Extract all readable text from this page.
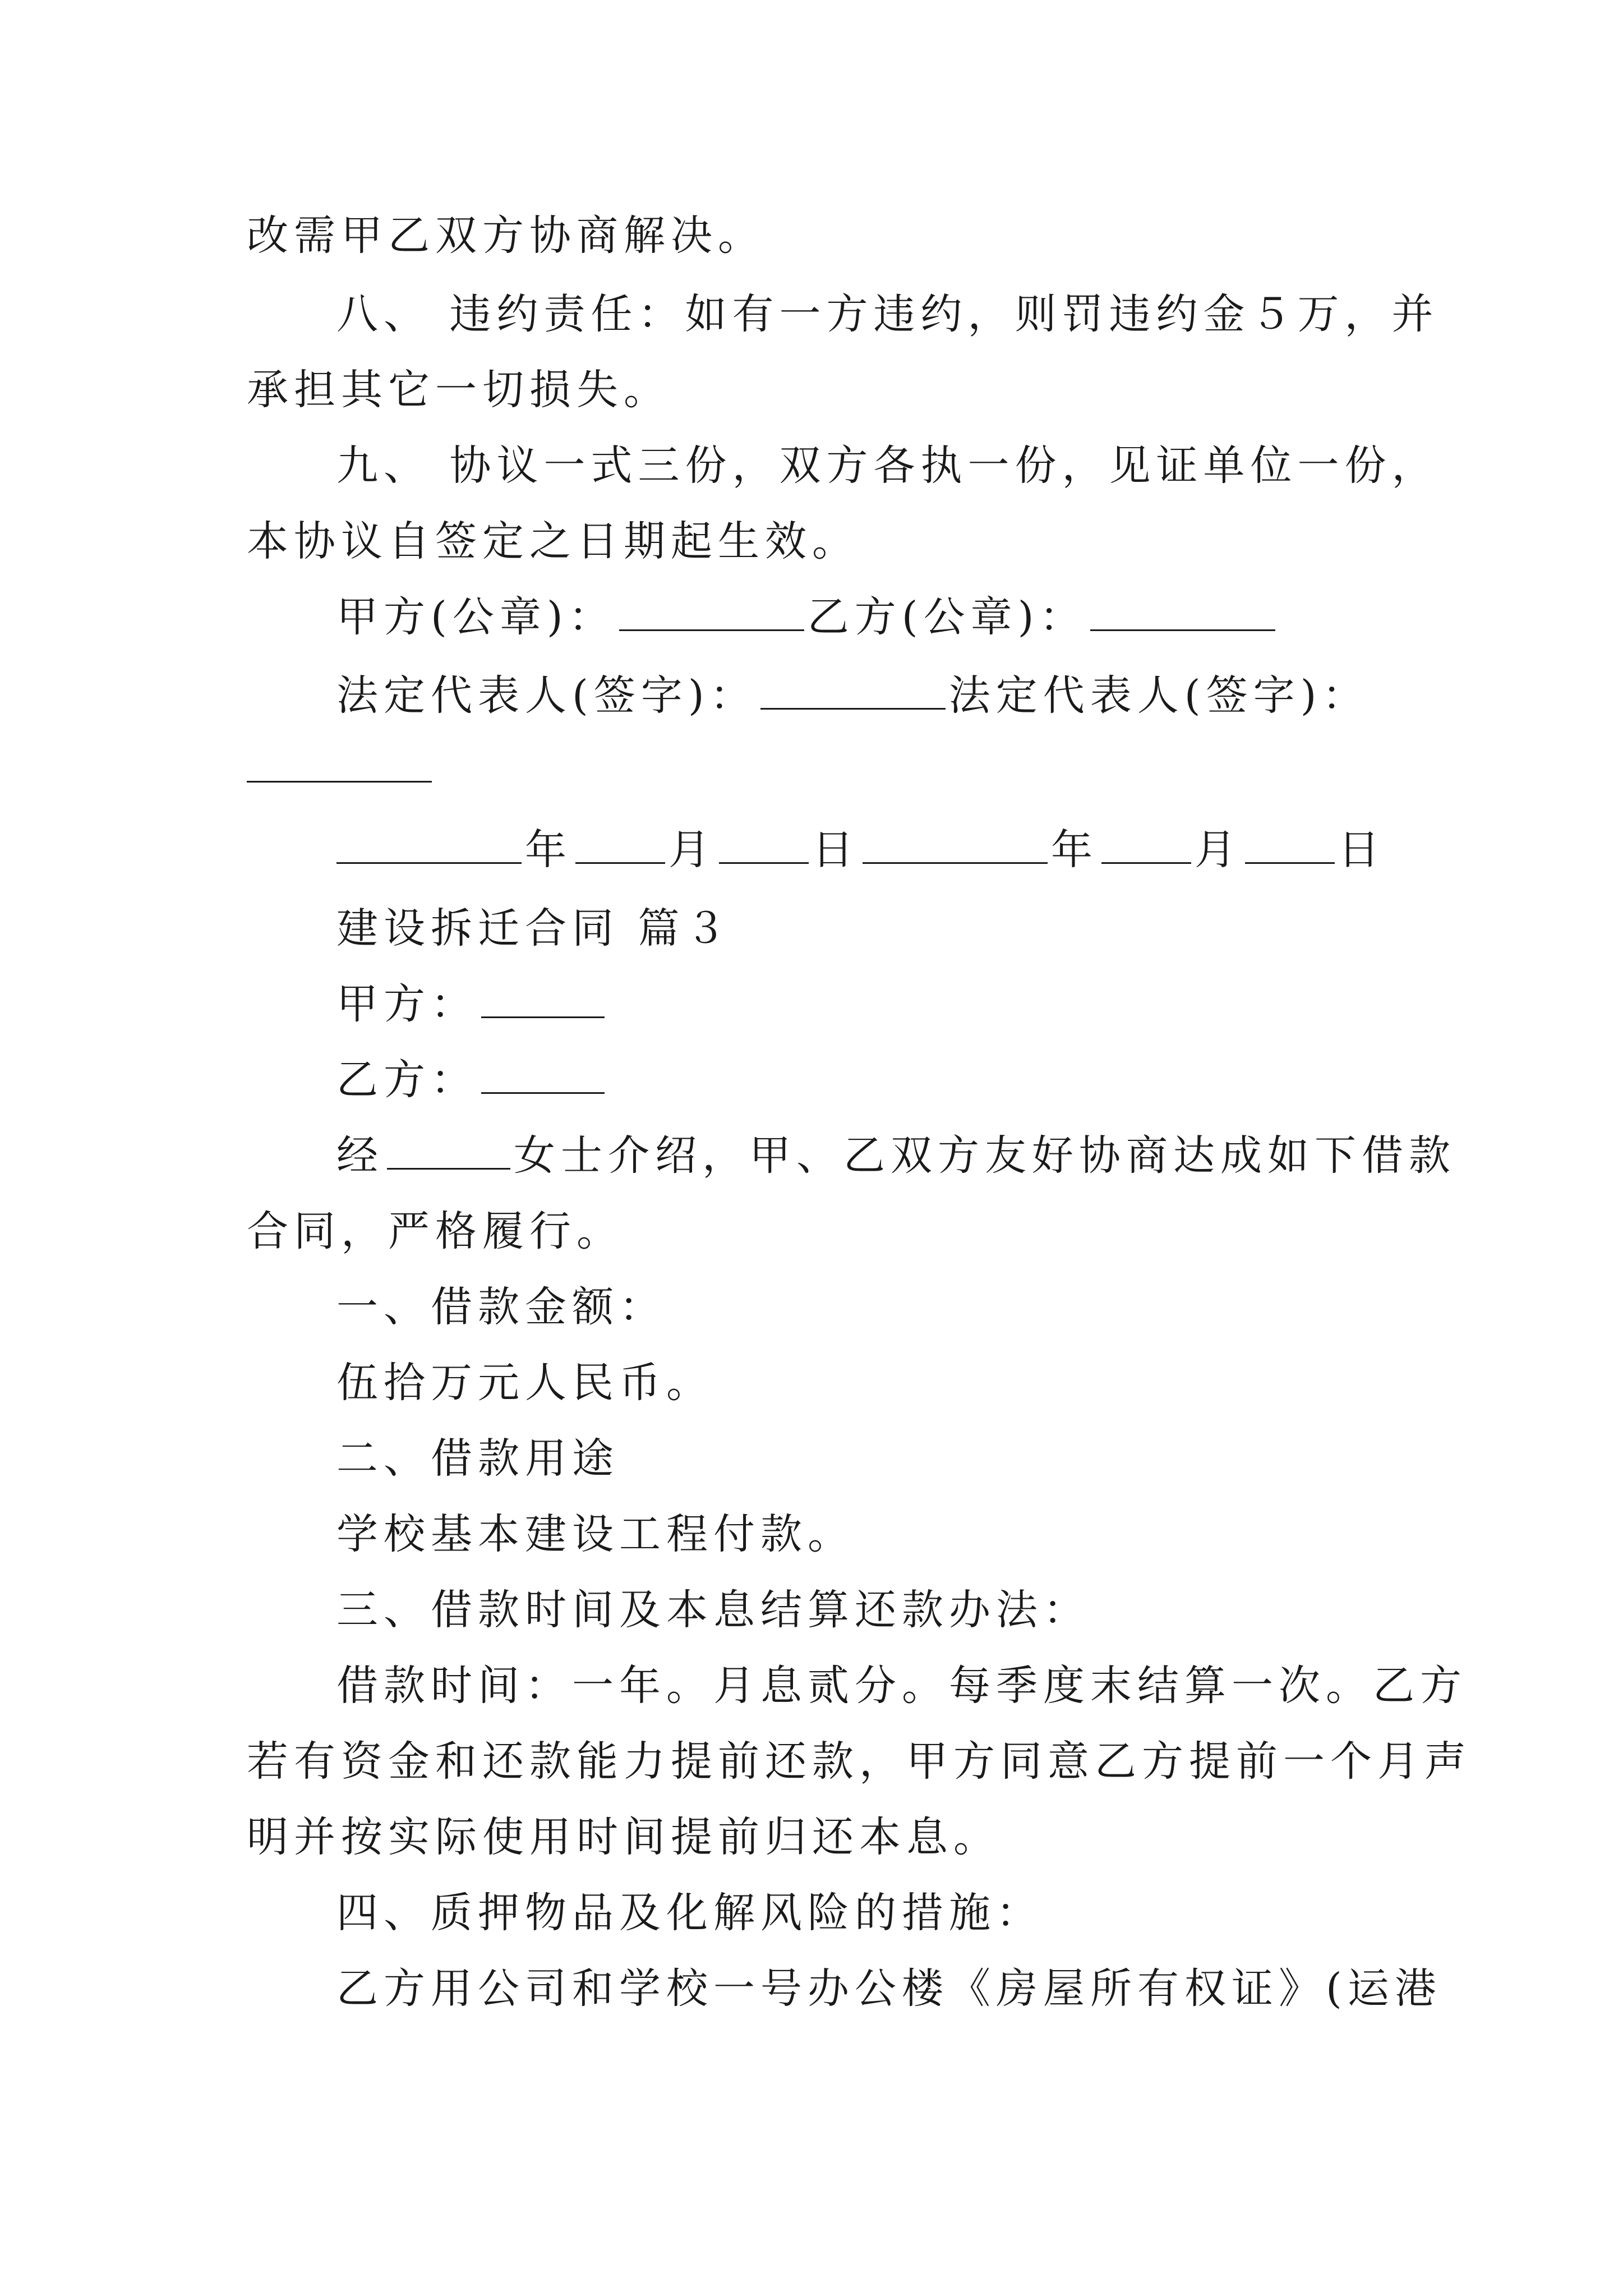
改需甲乙双方协商解决。
八、 违约责任：如有一方违约，则罚违约金５万，并
承担其它一切损失。
九、 协议一式三份，双方各执一份，见证单位一份，
本协议自签定之日期起生效。
甲方(公章)：	乙方(公章)：
法定代表人(签字)：	法定代表人(签字)：
年 月 日	年 月 日
建设拆迁合同 篇３
甲方：
乙方：
经	女士介绍，甲、乙双方友好协商达成如下借款
合同，严格履行。
一、借款金额：
伍拾万元人民币。
二、借款用途
学校基本建设工程付款。
三、借款时间及本息结算还款办法：
借款时间：一年。月息贰分。每季度末结算一次。乙方
若有资金和还款能力提前还款，甲方同意乙方提前一个月声
明并按实际使用时间提前归还本息。
四、质押物品及化解风险的措施：
乙方用公司和学校一号办公楼《房屋所有权证》(运港
